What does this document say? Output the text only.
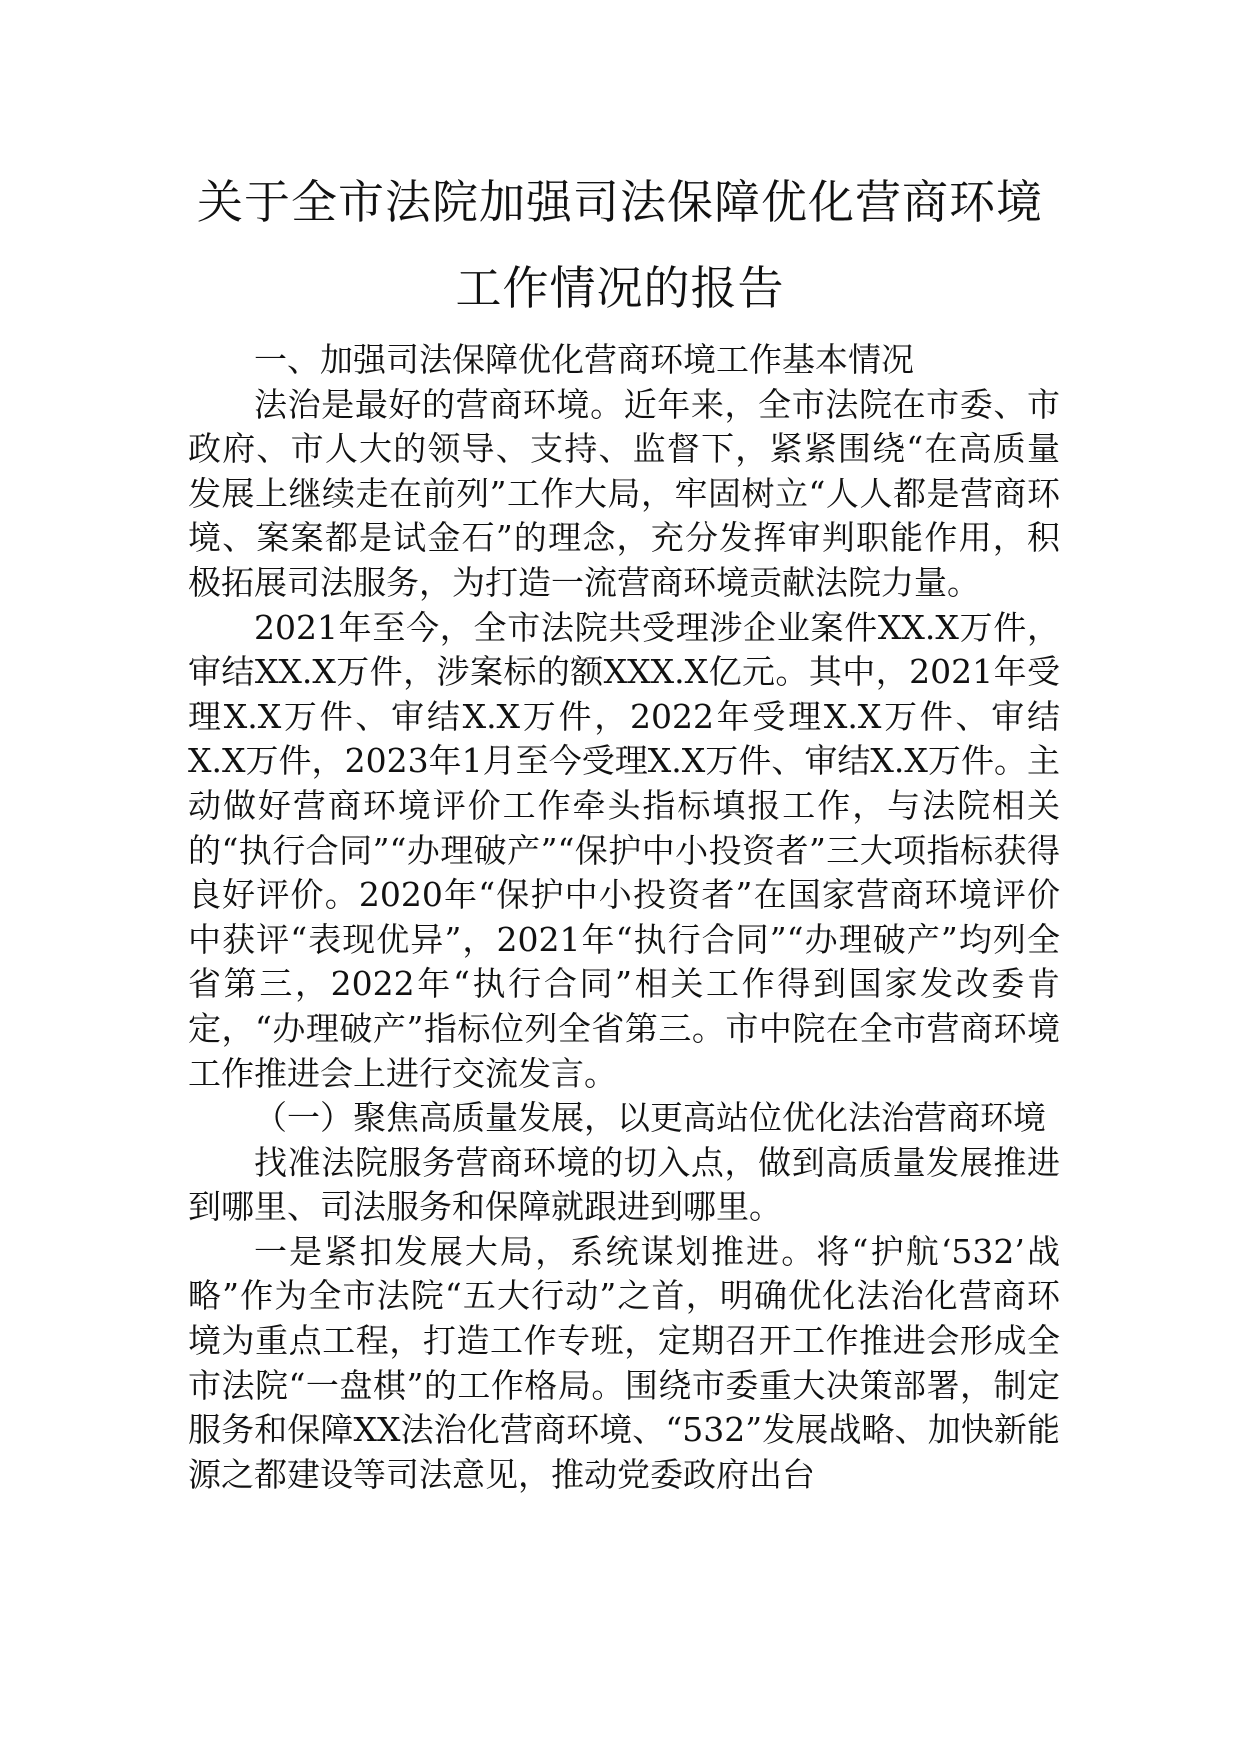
关于全市法院加强司法保障优化营商环境
工作情况的报告

一、加强司法保障优化营商环境工作基本情况

法治是最好的营商环境。近年来，全市法院在市委、市政府、市人大的领导、支持、监督下，紧紧围绕“在高质量发展上继续走在前列”工作大局，牢固树立“人人都是营商环境、案案都是试金石”的理念，充分发挥审判职能作用，积极拓展司法服务，为打造一流营商环境贡献法院力量。

2021年至今，全市法院共受理涉企业案件XX.X万件，审结XX.X万件，涉案标的额XXX.X亿元。其中，2021年受理X.X万件、审结X.X万件，2022年受理X.X万件、审结X.X万件，2023年1月至今受理X.X万件、审结X.X万件。主动做好营商环境评价工作牵头指标填报工作，与法院相关的“执行合同”“办理破产”“保护中小投资者”三大项指标获得良好评价。2020年“保护中小投资者”在国家营商环境评价中获评“表现优异”，2021年“执行合同”“办理破产”均列全省第三，2022年“执行合同”相关工作得到国家发改委肯定，“办理破产”指标位列全省第三。市中院在全市营商环境工作推进会上进行交流发言。

（一）聚焦高质量发展，以更高站位优化法治营商环境

找准法院服务营商环境的切入点，做到高质量发展推进到哪里、司法服务和保障就跟进到哪里。

一是紧扣发展大局，系统谋划推进。将“护航‘532’战略”作为全市法院“五大行动”之首，明确优化法治化营商环境为重点工程，打造工作专班，定期召开工作推进会形成全市法院“一盘棋”的工作格局。围绕市委重大决策部署，制定服务和保障XX法治化营商环境、“532”发展战略、加快新能源之都建设等司法意见，推动党委政府出台
